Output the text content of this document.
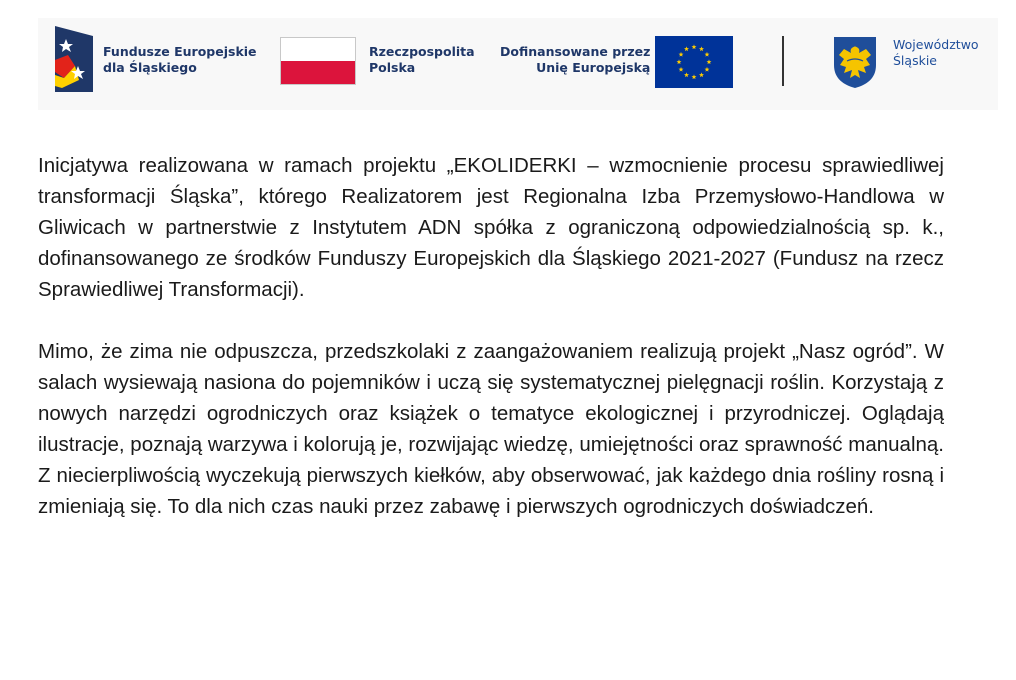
Fundusze Europejskie
dla Śląskiego
Rzeczpospolita
Polska
Dofinansowane przez
Unię Europejską
Województwo
Śląskie

Inicjatywa realizowana w ramach projektu „EKOLIDERKI – wzmocnienie procesu sprawiedliwej transformacji Śląska”, którego Realizatorem jest Regionalna Izba Przemysłowo-Handlowa w Gliwicach w partnerstwie z Instytutem ADN spółka z ograniczoną odpowiedzialnością sp. k., dofinansowanego ze środków Funduszy Europejskich dla Śląskiego 2021-2027 (Fundusz na rzecz Sprawiedliwej Transformacji).

Mimo, że zima nie odpuszcza, przedszkolaki z zaangażowaniem realizują projekt „Nasz ogród”. W salach wysiewają nasiona do pojemników i uczą się systematycznej pielęgnacji roślin. Korzystają z nowych narzędzi ogrodniczych oraz książek o tematyce ekologicznej i przyrodniczej. Oglądają ilustracje, poznają warzywa i kolorują je, rozwijając wiedzę, umiejętności oraz sprawność manualną. Z niecierpliwością wyczekują pierwszych kiełków, aby obserwować, jak każdego dnia rośliny rosną i zmieniają się. To dla nich czas nauki przez zabawę i pierwszych ogrodniczych doświadczeń.
